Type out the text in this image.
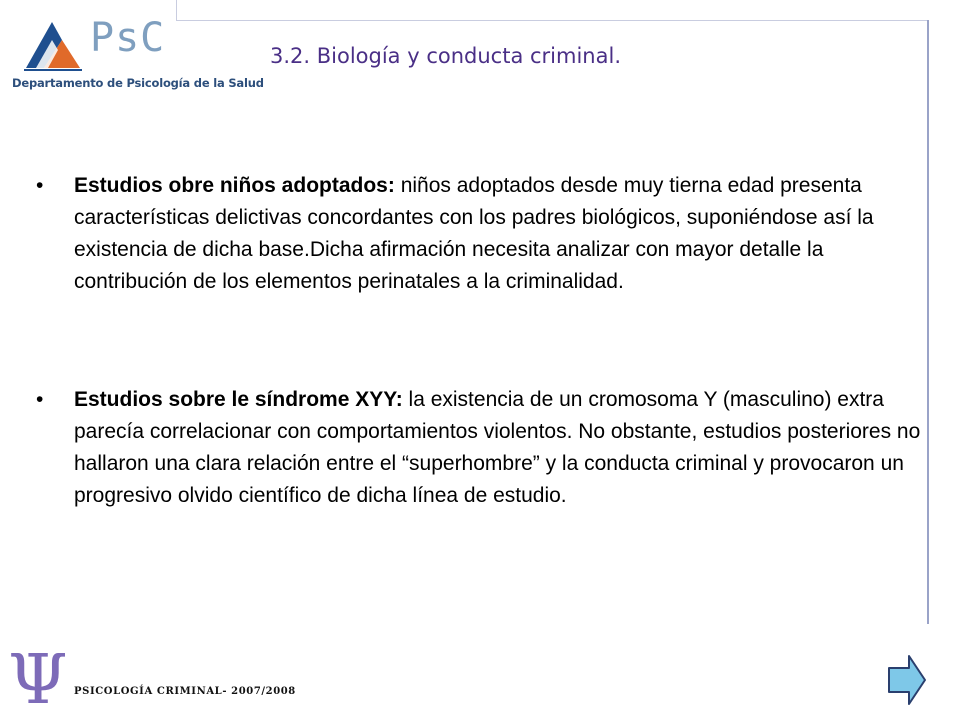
PsC
Departamento de Psicología de la Salud
3.2. Biología y conducta criminal.
• Estudios obre niños adoptados: niños adoptados desde muy tierna edad presenta características delictivas concordantes con los padres biológicos, suponiéndose así la existencia de dicha base.Dicha afirmación necesita analizar con mayor detalle la contribución de los elementos perinatales a la criminalidad.
• Estudios sobre le síndrome XYY: la existencia de un cromosoma Y (masculino) extra parecía correlacionar con comportamientos violentos. No obstante, estudios posteriores no hallaron una clara relación entre el “superhombre” y la conducta criminal y provocaron un progresivo olvido científico de dicha línea de estudio.
Ψ PSICOLOGÍA CRIMINAL- 2007/2008
